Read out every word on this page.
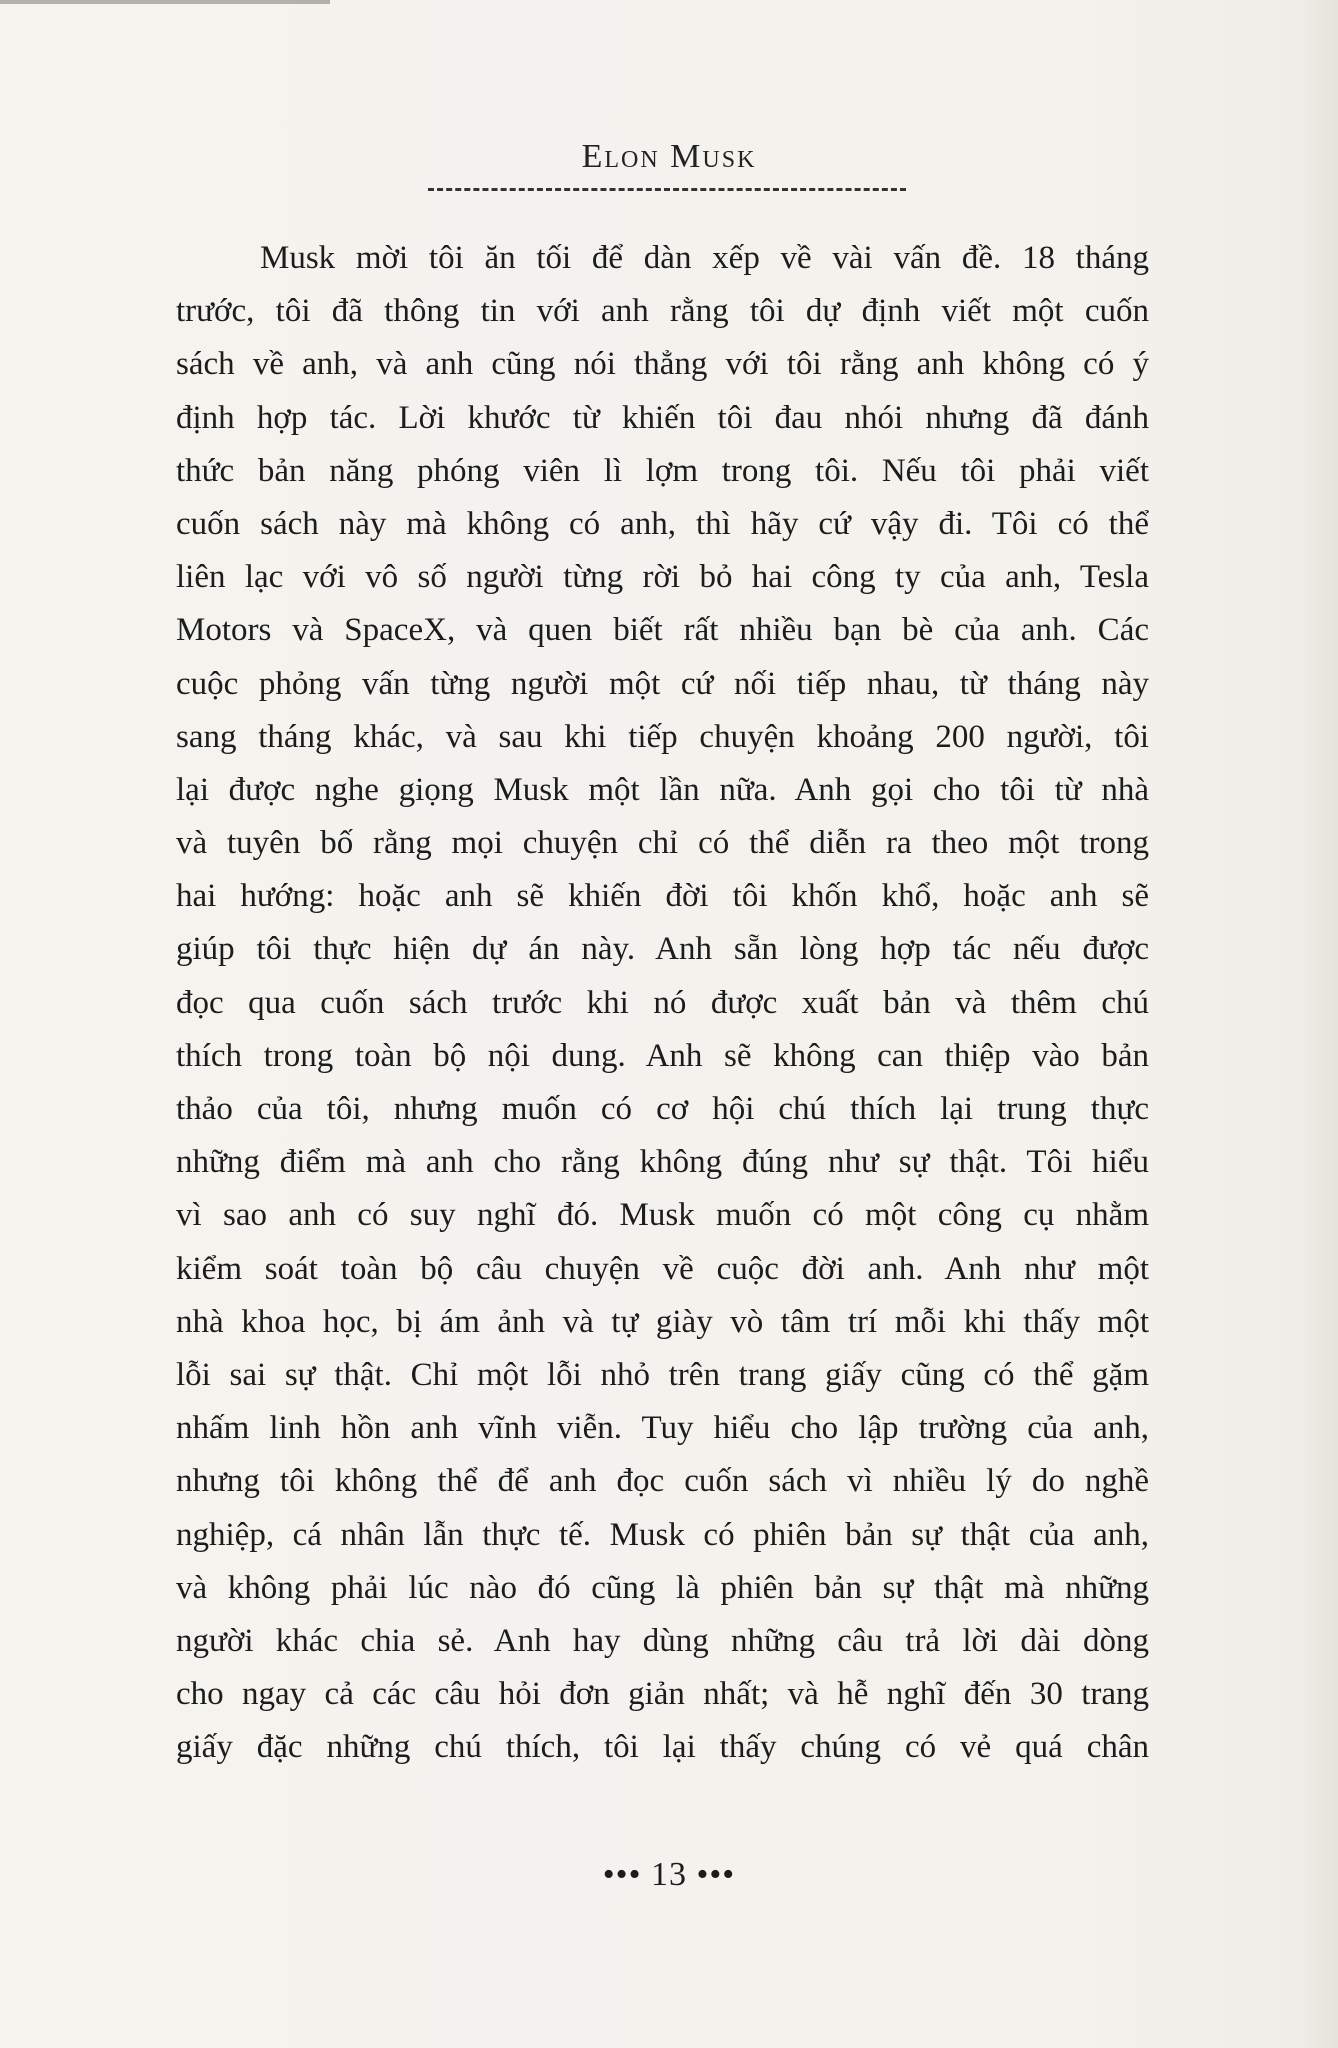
Elon Musk
Musk mời tôi ăn tối để dàn xếp về vài vấn đề. 18 tháng
trước, tôi đã thông tin với anh rằng tôi dự định viết một cuốn
sách về anh, và anh cũng nói thẳng với tôi rằng anh không có ý
định hợp tác. Lời khước từ khiến tôi đau nhói nhưng đã đánh
thức bản năng phóng viên lì lợm trong tôi. Nếu tôi phải viết
cuốn sách này mà không có anh, thì hãy cứ vậy đi. Tôi có thể
liên lạc với vô số người từng rời bỏ hai công ty của anh, Tesla
Motors và SpaceX, và quen biết rất nhiều bạn bè của anh. Các
cuộc phỏng vấn từng người một cứ nối tiếp nhau, từ tháng này
sang tháng khác, và sau khi tiếp chuyện khoảng 200 người, tôi
lại được nghe giọng Musk một lần nữa. Anh gọi cho tôi từ nhà
và tuyên bố rằng mọi chuyện chỉ có thể diễn ra theo một trong
hai hướng: hoặc anh sẽ khiến đời tôi khốn khổ, hoặc anh sẽ
giúp tôi thực hiện dự án này. Anh sẵn lòng hợp tác nếu được
đọc qua cuốn sách trước khi nó được xuất bản và thêm chú
thích trong toàn bộ nội dung. Anh sẽ không can thiệp vào bản
thảo của tôi, nhưng muốn có cơ hội chú thích lại trung thực
những điểm mà anh cho rằng không đúng như sự thật. Tôi hiểu
vì sao anh có suy nghĩ đó. Musk muốn có một công cụ nhằm
kiểm soát toàn bộ câu chuyện về cuộc đời anh. Anh như một
nhà khoa học, bị ám ảnh và tự giày vò tâm trí mỗi khi thấy một
lỗi sai sự thật. Chỉ một lỗi nhỏ trên trang giấy cũng có thể gặm
nhấm linh hồn anh vĩnh viễn. Tuy hiểu cho lập trường của anh,
nhưng tôi không thể để anh đọc cuốn sách vì nhiều lý do nghề
nghiệp, cá nhân lẫn thực tế. Musk có phiên bản sự thật của anh,
và không phải lúc nào đó cũng là phiên bản sự thật mà những
người khác chia sẻ. Anh hay dùng những câu trả lời dài dòng
cho ngay cả các câu hỏi đơn giản nhất; và hễ nghĩ đến 30 trang
giấy đặc những chú thích, tôi lại thấy chúng có vẻ quá chân
••• 13 •••
